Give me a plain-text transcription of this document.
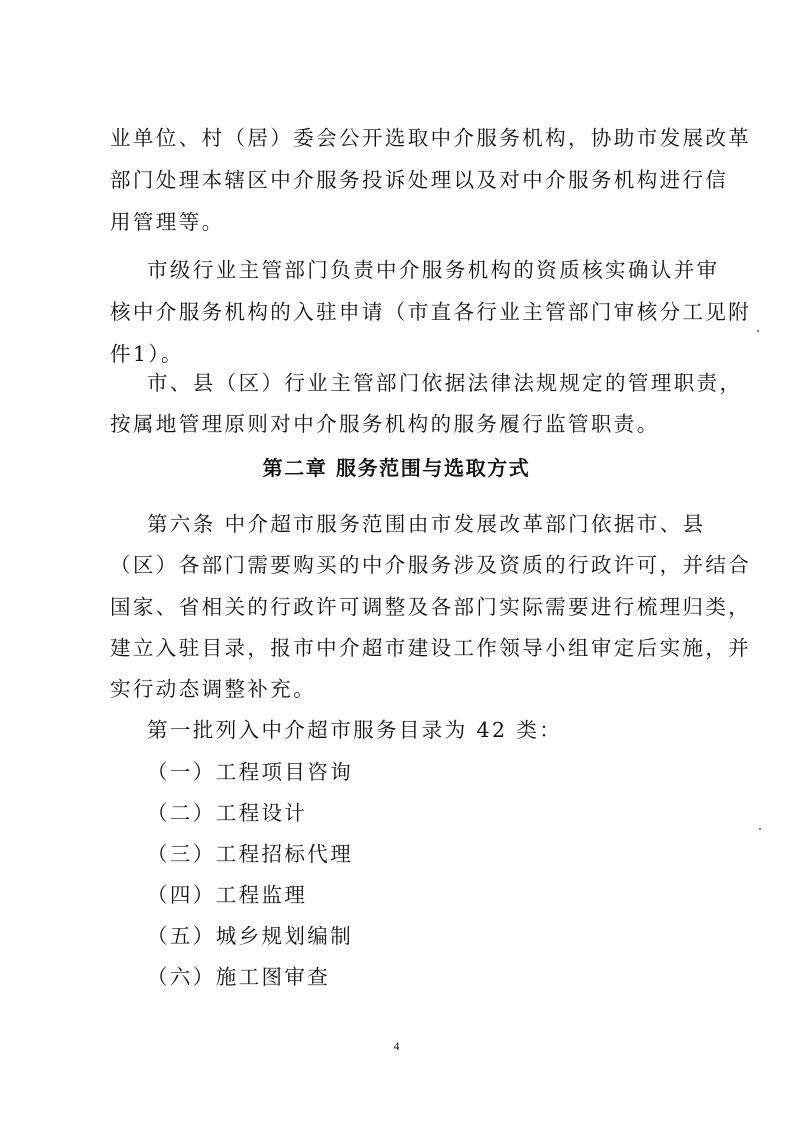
业单位、村（居）委会公开选取中介服务机构，协助市发展改革
部门处理本辖区中介服务投诉处理以及对中介服务机构进行信
用管理等。
市级行业主管部门负责中介服务机构的资质核实确认并审
核中介服务机构的入驻申请（市直各行业主管部门审核分工见附
件1）。
市、县（区）行业主管部门依据法律法规规定的管理职责，
按属地管理原则对中介服务机构的服务履行监管职责。
第二章 服务范围与选取方式
第六条 中介超市服务范围由市发展改革部门依据市、县
（区）各部门需要购买的中介服务涉及资质的行政许可，并结合
国家、省相关的行政许可调整及各部门实际需要进行梳理归类，
建立入驻目录，报市中介超市建设工作领导小组审定后实施，并
实行动态调整补充。
第一批列入中介超市服务目录为 42 类：
（一）工程项目咨询
（二）工程设计
（三）工程招标代理
（四）工程监理
（五）城乡规划编制
（六）施工图审查
4
